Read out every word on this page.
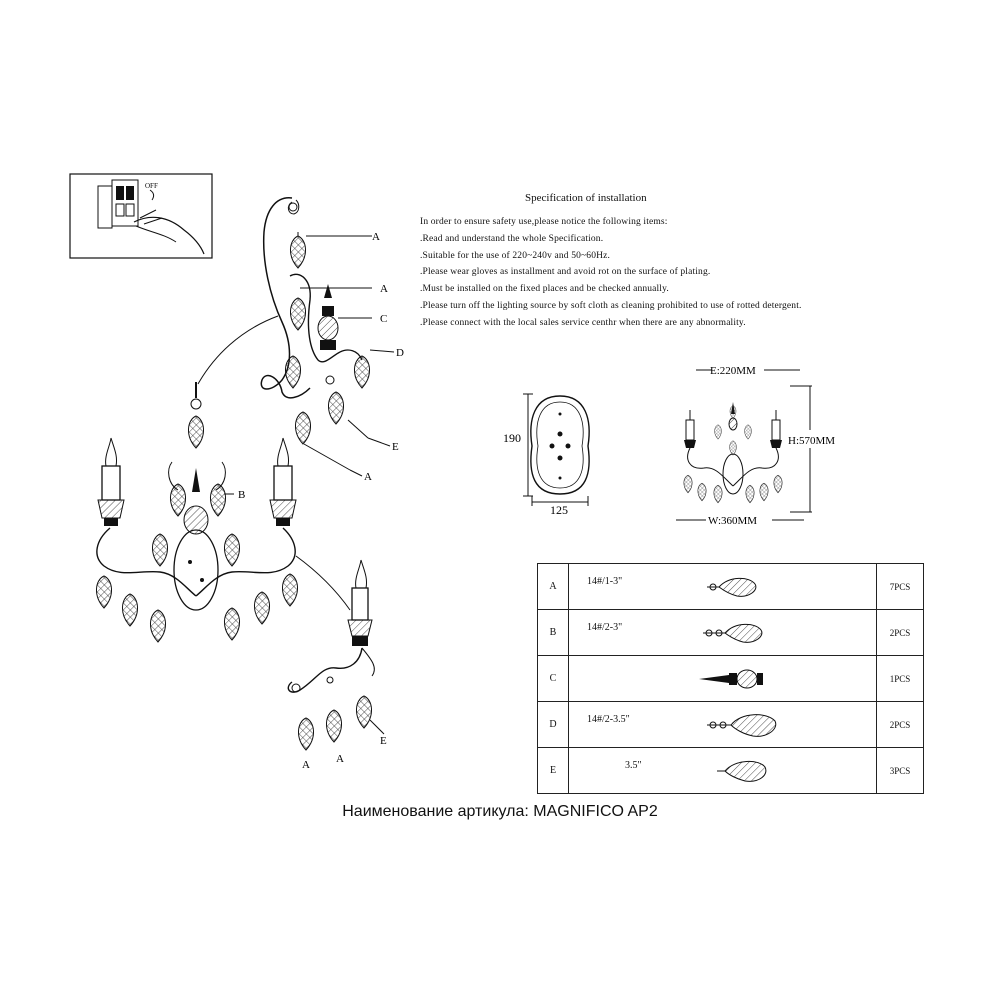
OFF
A
A
C
D
E
A
B
E
A A
190
125
E:220MM
H:570MM
W:360MM
Specification of installation
In order to ensure safety use,please notice the following items:
.Read and understand the whole Specification.
.Suitable for the use of 220~240v and 50~60Hz.
.Please wear gloves as installment and avoid rot on the surface of plating.
.Must be installed on the fixed places and be checked annually.
.Please turn off the lighting source by soft cloth as cleaning prohibited to use of rotted detergent.
.Please connect with the local sales service centhr when there are any abnormality.
A	14#/1-3"	7PCS
B	14#/2-3"	2PCS
C		1PCS
D	14#/2-3.5"	2PCS
E	3.5"	3PCS
Наименование артикула: MAGNIFICO AP2
